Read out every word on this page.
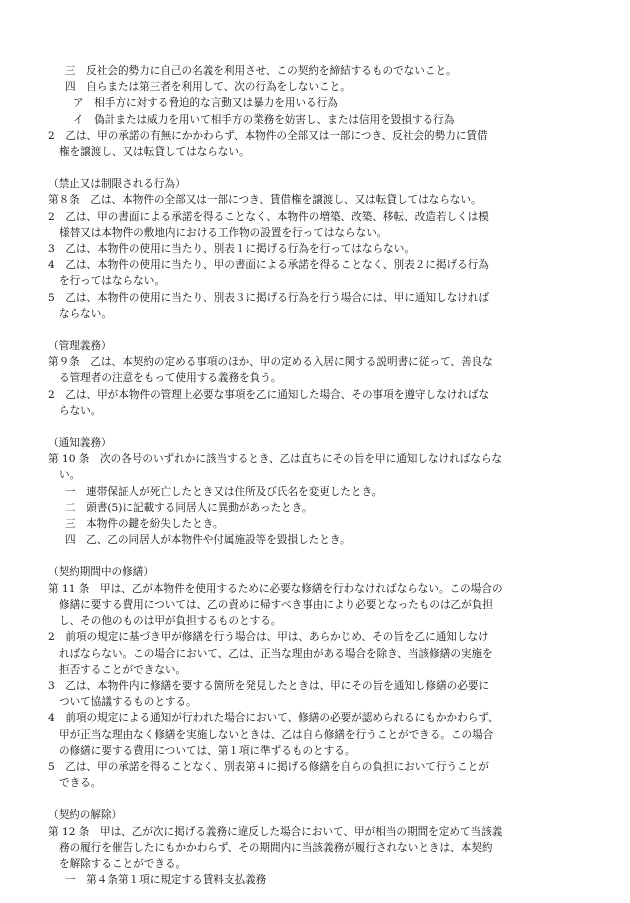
三　反社会的勢力に自己の名義を利用させ、この契約を締結するものでないこと。
四　自らまたは第三者を利用して、次の行為をしないこと。
ア　相手方に対する脅迫的な言動又は暴力を用いる行為
イ　偽計または威力を用いて相手方の業務を妨害し、または信用を毀損する行為
2　乙は、甲の承諾の有無にかかわらず、本物件の全部又は一部につき、反社会的勢力に賃借
権を譲渡し、又は転貸してはならない。
（禁止又は制限される行為）
第８条　乙は、本物件の全部又は一部につき、賃借権を譲渡し、又は転貸してはならない。
2　乙は、甲の書面による承諾を得ることなく、本物件の増築、改築、移転、改造若しくは模
様替又は本物件の敷地内における工作物の設置を行ってはならない。
3　乙は、本物件の使用に当たり、別表１に掲げる行為を行ってはならない。
4　乙は、本物件の使用に当たり、甲の書面による承諾を得ることなく、別表２に掲げる行為
を行ってはならない。
5　乙は、本物件の使用に当たり、別表３に掲げる行為を行う場合には、甲に通知しなければ
ならない。
（管理義務）
第９条　乙は、本契約の定める事項のほか、甲の定める入居に関する説明書に従って、善良な
る管理者の注意をもって使用する義務を負う。
2　乙は、甲が本物件の管理上必要な事項を乙に通知した場合、その事項を遵守しなければな
らない。
（通知義務）
第 10 条　次の各号のいずれかに該当するとき、乙は直ちにその旨を甲に通知しなければならな
い。
一　連帯保証人が死亡したとき又は住所及び氏名を変更したとき。
二　頭書(5)に記載する同居人に異動があったとき。
三　本物件の鍵を紛失したとき。
四　乙、乙の同居人が本物件や付属施設等を毀損したとき。
（契約期間中の修繕）
第 11 条　甲は、乙が本物件を使用するために必要な修繕を行わなければならない。この場合の
修繕に要する費用については、乙の責めに帰すべき事由により必要となったものは乙が負担
し、その他のものは甲が負担するものとする。
2　前項の規定に基づき甲が修繕を行う場合は、甲は、あらかじめ、その旨を乙に通知しなけ
ればならない。この場合において、乙は、正当な理由がある場合を除き、当該修繕の実施を
拒否することができない。
3　乙は、本物件内に修繕を要する箇所を発見したときは、甲にその旨を通知し修繕の必要に
ついて協議するものとする。
4　前項の規定による通知が行われた場合において、修繕の必要が認められるにもかかわらず、
甲が正当な理由なく修繕を実施しないときは、乙は自ら修繕を行うことができる。この場合
の修繕に要する費用については、第１項に準ずるものとする。
5　乙は、甲の承諾を得ることなく、別表第４に掲げる修繕を自らの負担において行うことが
できる。
（契約の解除）
第 12 条　甲は、乙が次に掲げる義務に違反した場合において、甲が相当の期間を定めて当該義
務の履行を催告したにもかかわらず、その期間内に当該義務が履行されないときは、本契約
を解除することができる。
一　第４条第１項に規定する賃料支払義務
